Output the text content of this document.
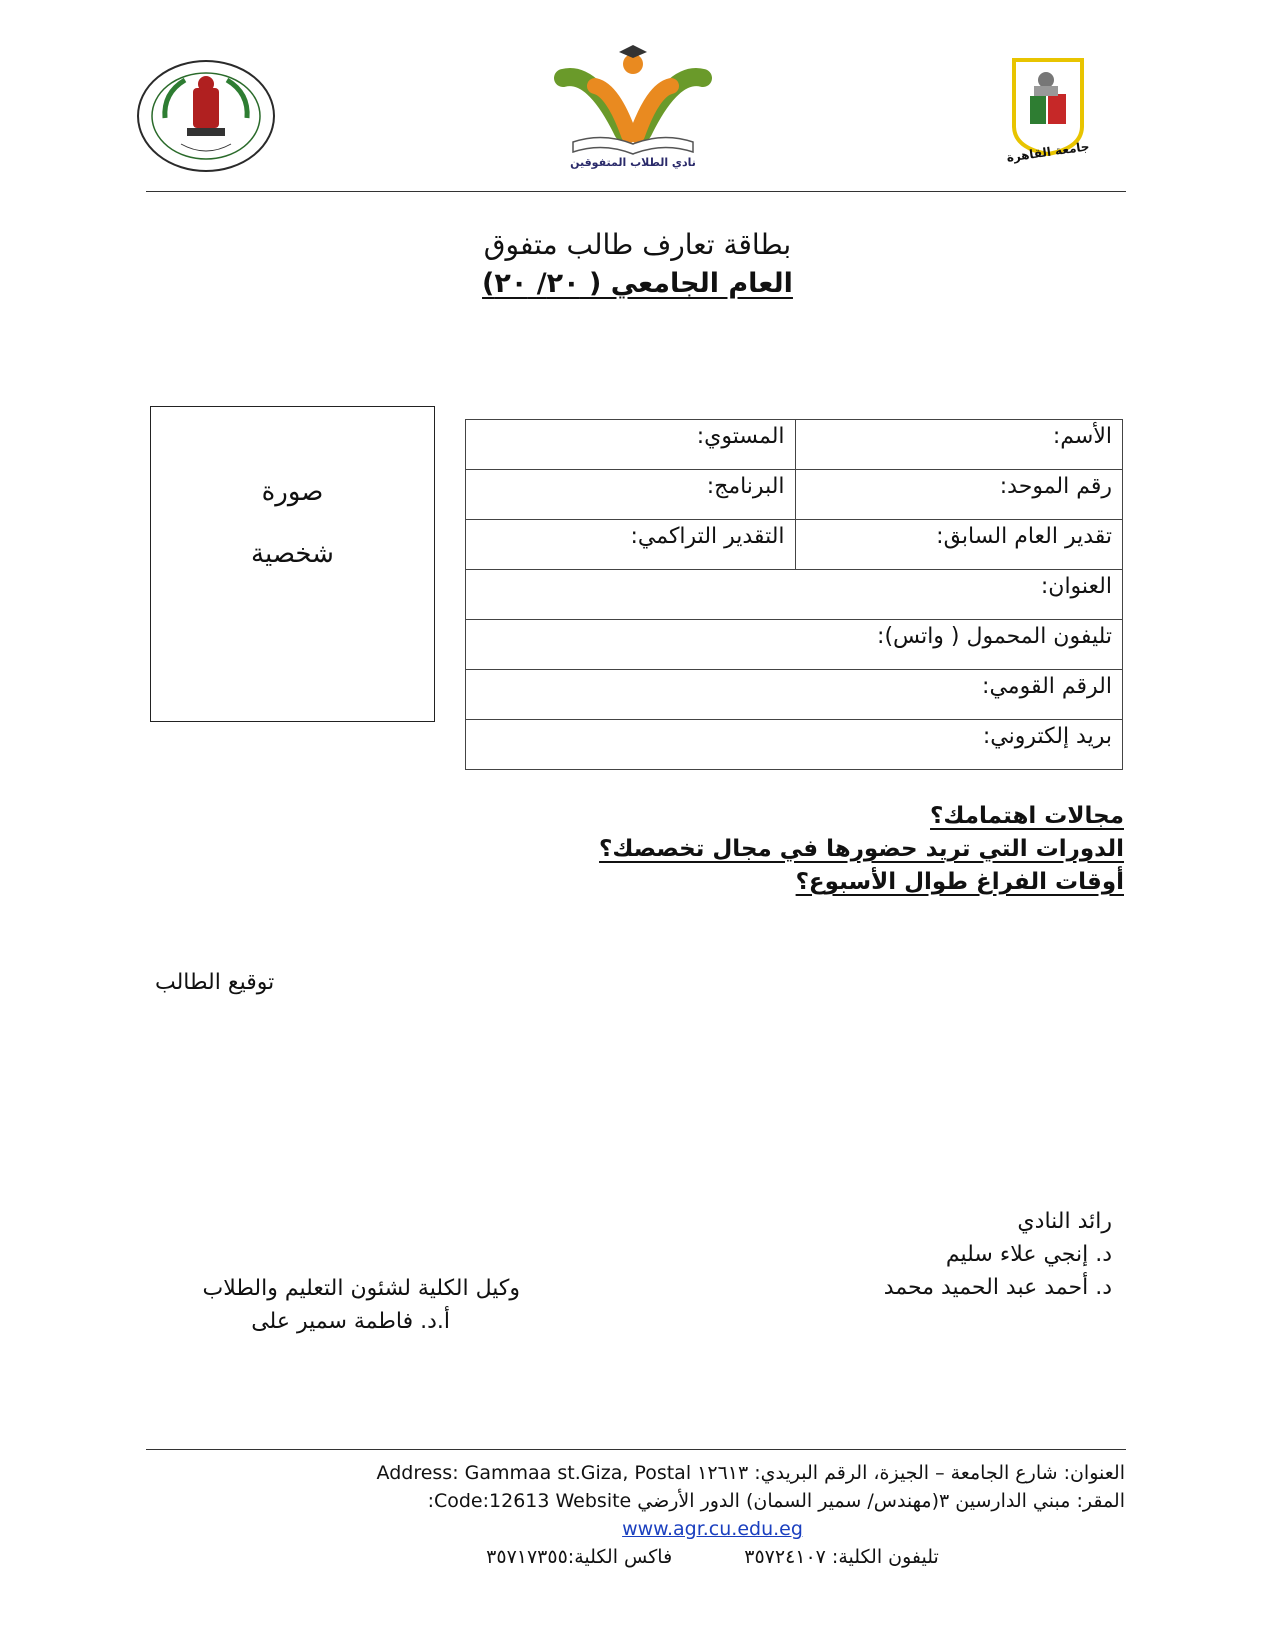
نادي الطلاب المتفوقين	جامعة القاهرة
بطاقة تعارف طالب متفوق
العام الجامعي ( ٢٠/ ٢٠)
صورة
شخصية
الأسم:	المستوي:
رقم الموحد:	البرنامج:
تقدير العام السابق:	التقدير التراكمي:
العنوان:	
تليفون المحمول ( واتس):	
الرقم القومي:	
بريد إلكتروني:	
مجالات اهتمامك؟
الدورات التي تريد حضورها في مجال تخصصك؟
أوقات الفراغ طوال الأسبوع؟
توقيع الطالب
رائد النادي
د. إنجي علاء سليم
د. أحمد عبد الحميد محمد
وكيل الكلية لشئون التعليم والطلاب
أ.د. فاطمة سمير على
العنوان: شارع الجامعة – الجيزة، الرقم البريدي: ١٢٦١٣ Address: Gammaa st.Giza, Postal
المقر: مبني الدارسين ٣(مهندس/ سمير السمان) الدور الأرضي Code:12613 Website:
www.agr.cu.edu.eg
تليفون الكلية: ٣٥٧٢٤١٠٧  فاكس الكلية:٣٥٧١٧٣٥٥
